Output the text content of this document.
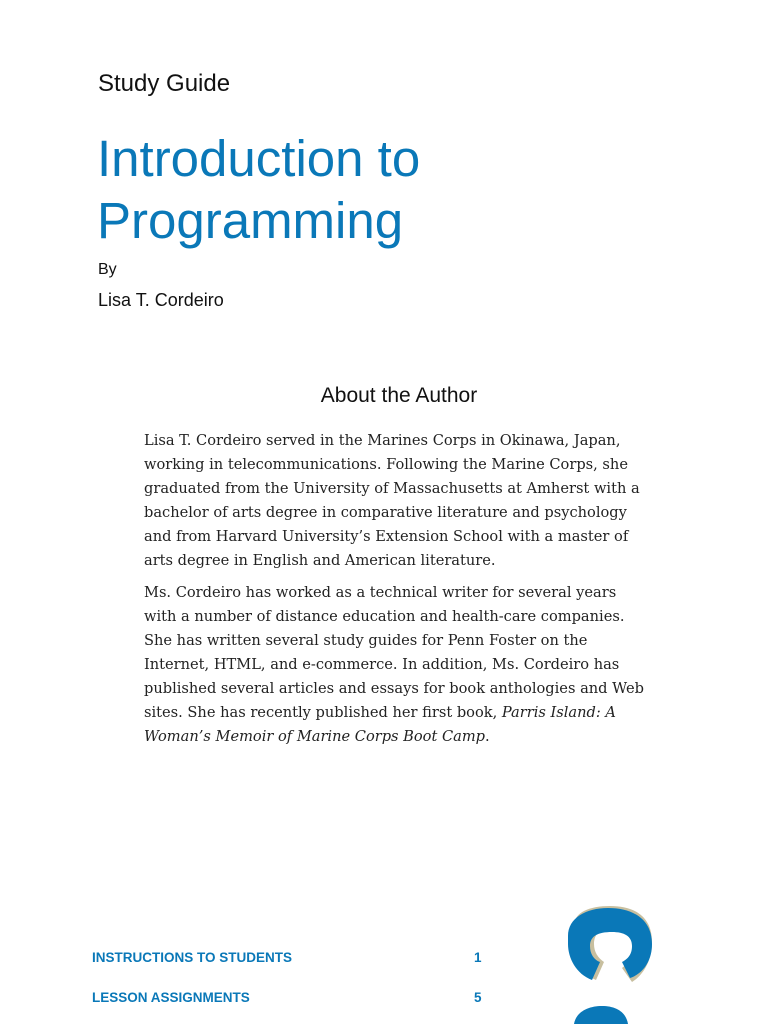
Study Guide
Introduction to Programming
By
Lisa T. Cordeiro
About the Author

Lisa T. Cordeiro served in the Marines Corps in Okinawa, Japan, working in telecommunications. Following the Marine Corps, she graduated from the University of Massachusetts at Amherst with a bachelor of arts degree in comparative literature and psychology and from Harvard University’s Extension School with a master of arts degree in English and American literature.

Ms. Cordeiro has worked as a technical writer for several years with a number of distance education and health-care companies. She has written several study guides for Penn Foster on the Internet, HTML, and e-commerce. In addition, Ms. Cordeiro has published several articles and essays for book anthologies and Web sites. She has recently published her first book, Parris Island: A Woman’s Memoir of Marine Corps Boot Camp.

INSTRUCTIONS TO STUDENTS	1
LESSON ASSIGNMENTS	5
